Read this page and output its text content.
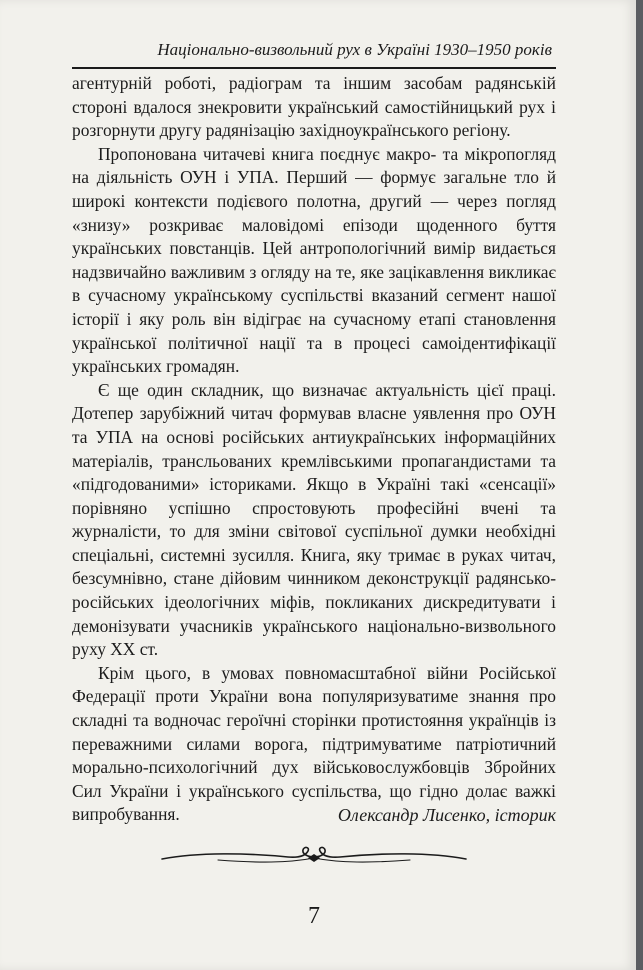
Національно-визвольний рух в Україні 1930–1950 років

агентурній роботі, радіограм та іншим засобам радянській стороні вдалося знекровити український самостійницький рух і розгорнути другу радянізацію західноукраїнського регіону.

Пропонована читачеві книга поєднує макро- та мікропогляд на діяльність ОУН і УПА. Перший — формує загальне тло й широкі контексти подієвого полотна, другий — через погляд «знизу» розкриває маловідомі епізоди щоденного буття українських повстанців. Цей антропологічний вимір видається надзвичайно важливим з огляду на те, яке зацікавлення викликає в сучасному українському суспільстві вказаний сегмент нашої історії і яку роль він відіграє на сучасному етапі становлення української політичної нації та в процесі самоідентифікації українських громадян.

Є ще один складник, що визначає актуальність цієї праці. Дотепер зарубіжний читач формував власне уявлення про ОУН та УПА на основі російських антиукраїнських інформаційних матеріалів, трансльованих кремлівськими пропагандистами та «підгодованими» істориками. Якщо в Україні такі «сенсації» порівняно успішно спростовують професійні вчені та журналісти, то для зміни світової суспільної думки необхідні спеціальні, системні зусилля. Книга, яку тримає в руках читач, безсумнівно, стане дійовим чинником деконструкції радянсько-російських ідеологічних міфів, покликаних дискредитувати і демонізувати учасників українського національно-визвольного руху XX ст.

Крім цього, в умовах повномасштабної війни Російської Федерації проти України вона популяризуватиме знання про складні та водночас героїчні сторінки протистояння українців із переважними силами ворога, підтримуватиме патріотичний морально-психологічний дух військовослужбовців Збройних Сил України і українського суспільства, що гідно долає важкі випробування.	Олександр Лисенко, історик
7
